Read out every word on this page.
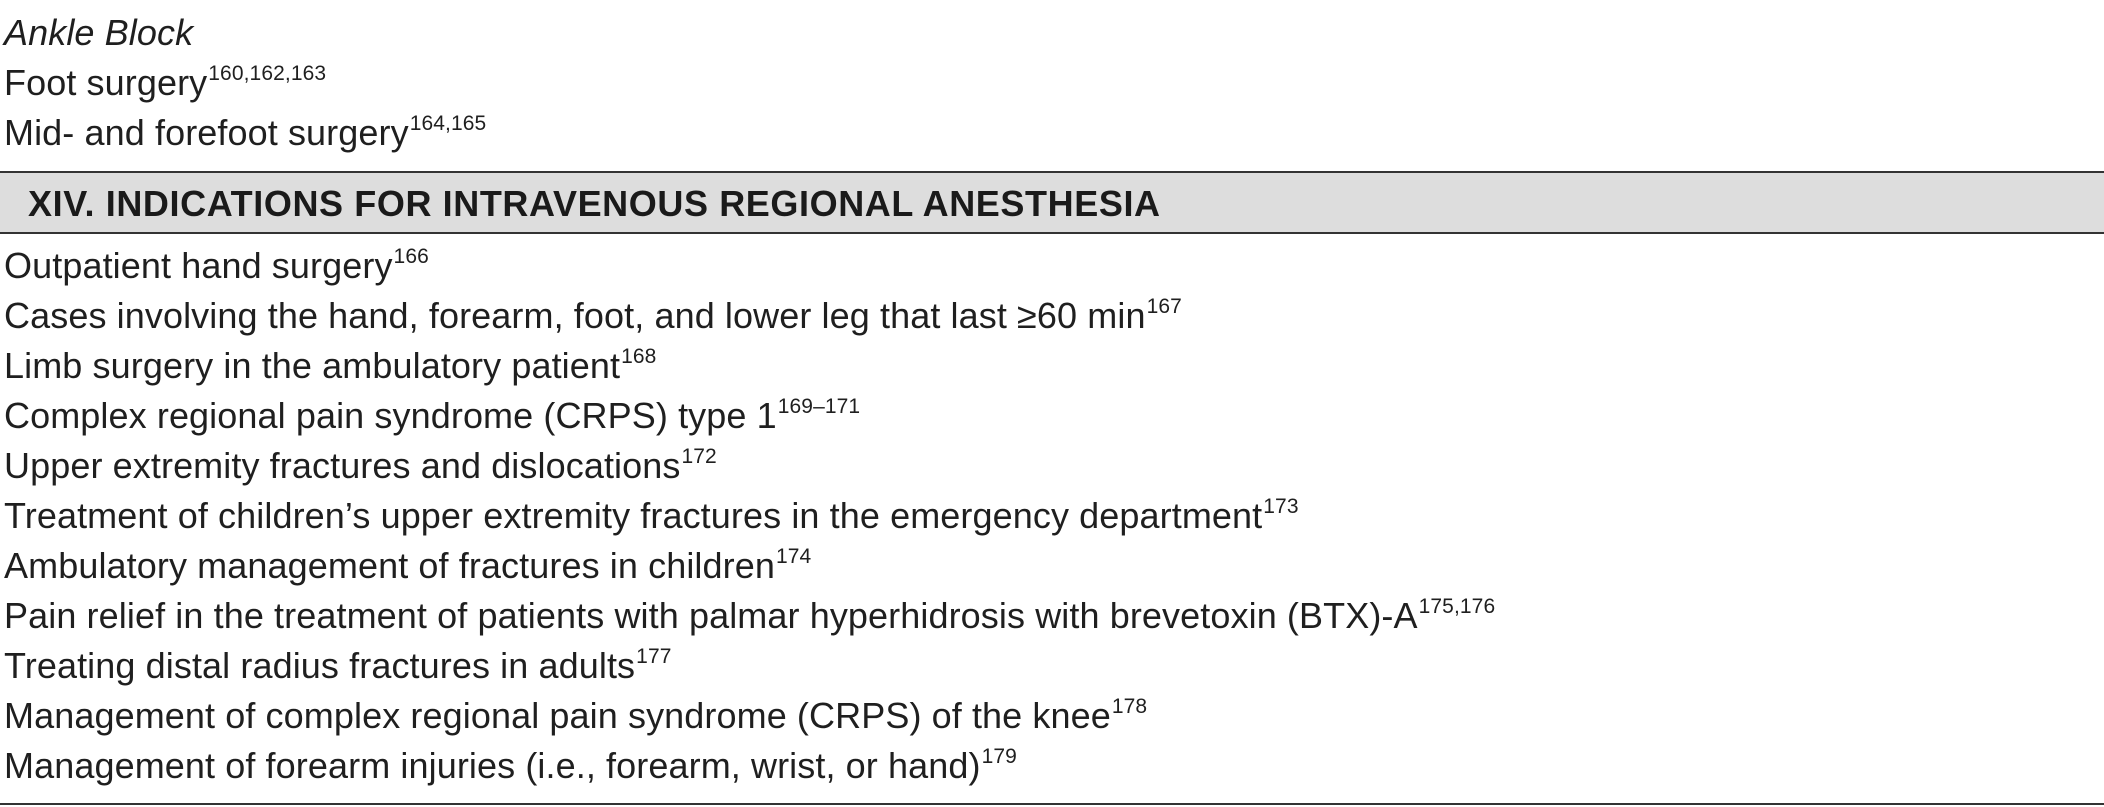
Ankle Block
Foot surgery$^{160,162,163}$
Mid- and forefoot surgery$^{164,165}$
XIV. INDICATIONS FOR INTRAVENOUS REGIONAL ANESTHESIA
Outpatient hand surgery$^{166}$
Cases involving the hand, forearm, foot, and lower leg that last ≥60 $\min^{167}$
Limb surgery in the ambulatory patient$^{168}$
Complex regional pain syndrome (CRPS) type 1$^{169-171}$
Upper extremity fractures and dislocations$^{172}$
Treatment of children’s upper extremity fractures in the emergency department$^{173}$
Ambulatory management of fractures in children$^{174}$
Pain relief in the treatment of patients with palmar hyperhidrosis with brevetoxin $(BTX)-A^{175,176}$
Treating distal radius fractures in adults$^{177}$
Management of complex regional pain syndrome (CRPS) of the knee$^{178}$
Management of forearm injuries (i.e., forearm, wrist, or hand)$^{179}$
